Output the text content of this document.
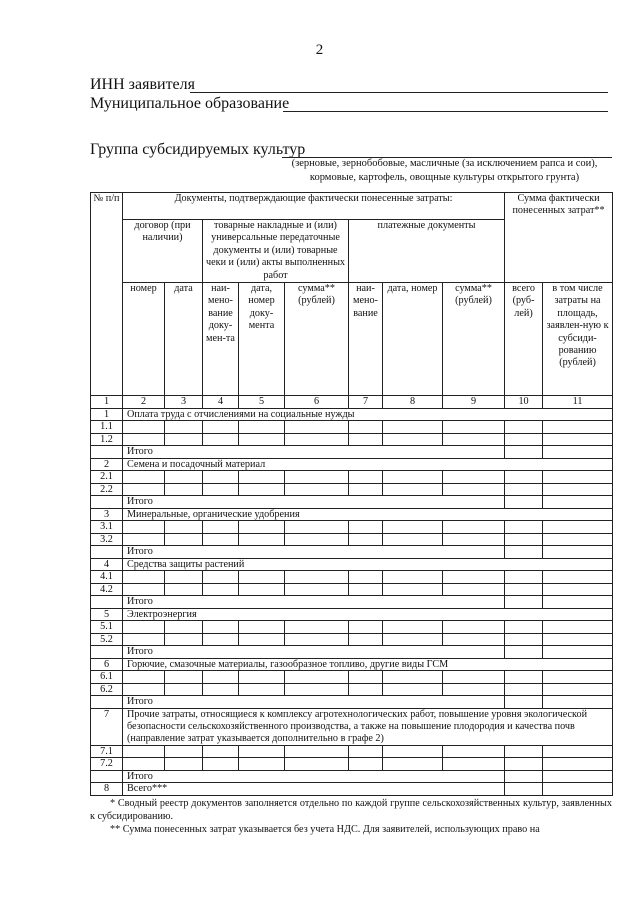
2
ИНН заявителя
Муниципальное образование
Группа субсидируемых культур
(зерновые, зернобобовые, масличные (за исключением рапса и сои), кормовые, картофель, овощные культуры открытого грунта)
№ п/п	Документы, подтверждающие фактически понесенные затраты:								Сумма фактически понесенных затрат**	
	договор (при наличии)		товарные накладные и (или) универсальные передаточные документы и (или) товарные чеки и (или) акты выполненных работ			платежные документы				
	номер	дата	наи-мено-вание доку-мен-та	дата, номер доку-мента	сумма** (рублей)	наи-мено-вание	дата, номер	сумма** (рублей)	всего (руб-лей)	в том числе затраты на площадь, заявлен-ную к субсиди-рованию (рублей)
1	2	3	4	5	6	7	8	9	10	11
1	Оплата труда с отчислениями на социальные нужды									
1.1										
1.2										
	Итого									
2	Семена и посадочный материал									
2.1										
2.2										
	Итого									
3	Минеральные, органические удобрения									
3.1										
3.2										
	Итого									
4	Средства защиты растений									
4.1										
4.2										
	Итого									
5	Электроэнергия									
5.1										
5.2										
	Итого									
6	Горючие, смазочные материалы, газообразное топливо, другие виды ГСМ									
6.1										
6.2										
	Итого									
7	Прочие затраты, относящиеся к комплексу агротехнологических работ, повышение уровня экологической безопасности сельскохозяйственного производства, а также на повышение плодородия и качества почв (направление затрат указывается дополнительно в графе 2)									
7.1										
7.2										
	Итого									
8	Всего***									
* Сводный реестр документов заполняется отдельно по каждой группе сельскохозяйственных культур, заявленных к субсидированию.
** Сумма понесенных затрат указывается без учета НДС. Для заявителей, использующих право на
